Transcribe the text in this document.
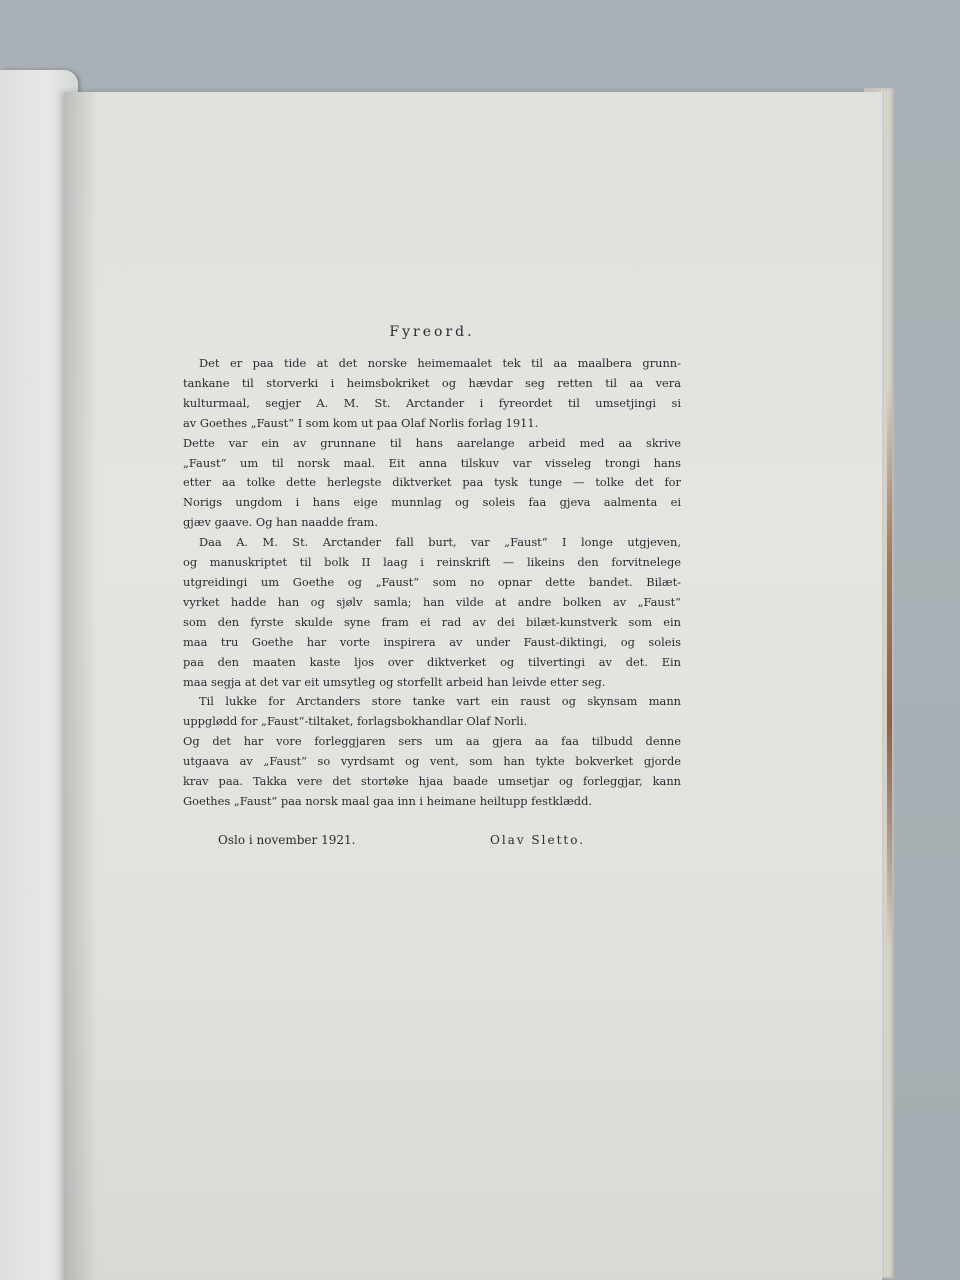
Fyreord.

Det er paa tide at det norske heimemaalet tek til aa maalbera grunn-
tankane til storverki i heimsbokriket og hævdar seg retten til aa vera
kulturmaal, segjer A. M. St. Arctander i fyreordet til umsetjingi si
av Goethes „Faust“ I som kom ut paa Olaf Norlis forlag 1911.
Dette var ein av grunnane til hans aarelange arbeid med aa skrive
„Faust“ um til norsk maal. Eit anna tilskuv var visseleg trongi hans
etter aa tolke dette herlegste diktverket paa tysk tunge — tolke det for
Norigs ungdom i hans eige munnlag og soleis faa gjeva aalmenta ei
gjæv gaave. Og han naadde fram.

Daa A. M. St. Arctander fall burt, var „Faust“ I longe utgjeven,
og manuskriptet til bolk II laag i reinskrift — likeins den forvitnelege
utgreidingi um Goethe og „Faust“ som no opnar dette bandet. Bilæt-
vyrket hadde han og sjølv samla; han vilde at andre bolken av „Faust“
som den fyrste skulde syne fram ei rad av dei bilæt-kunstverk som ein
maa tru Goethe har vorte inspirera av under Faust-diktingi, og soleis
paa den maaten kaste ljos over diktverket og tilvertingi av det. Ein
maa segja at det var eit umsytleg og storfellt arbeid han leivde etter seg.

Til lukke for Arctanders store tanke vart ein raust og skynsam mann
uppglødd for „Faust“-tiltaket, forlagsbokhandlar Olaf Norli.
Og det har vore forleggjaren sers um aa gjera aa faa tilbudd denne
utgaava av „Faust“ so vyrdsamt og vent, som han tykte bokverket gjorde
krav paa. Takka vere det stortøke hjaa baade umsetjar og forleggjar, kann
Goethes „Faust“ paa norsk maal gaa inn i heimane heiltupp festklædd.

Oslo i november 1921.	Olav Sletto.
